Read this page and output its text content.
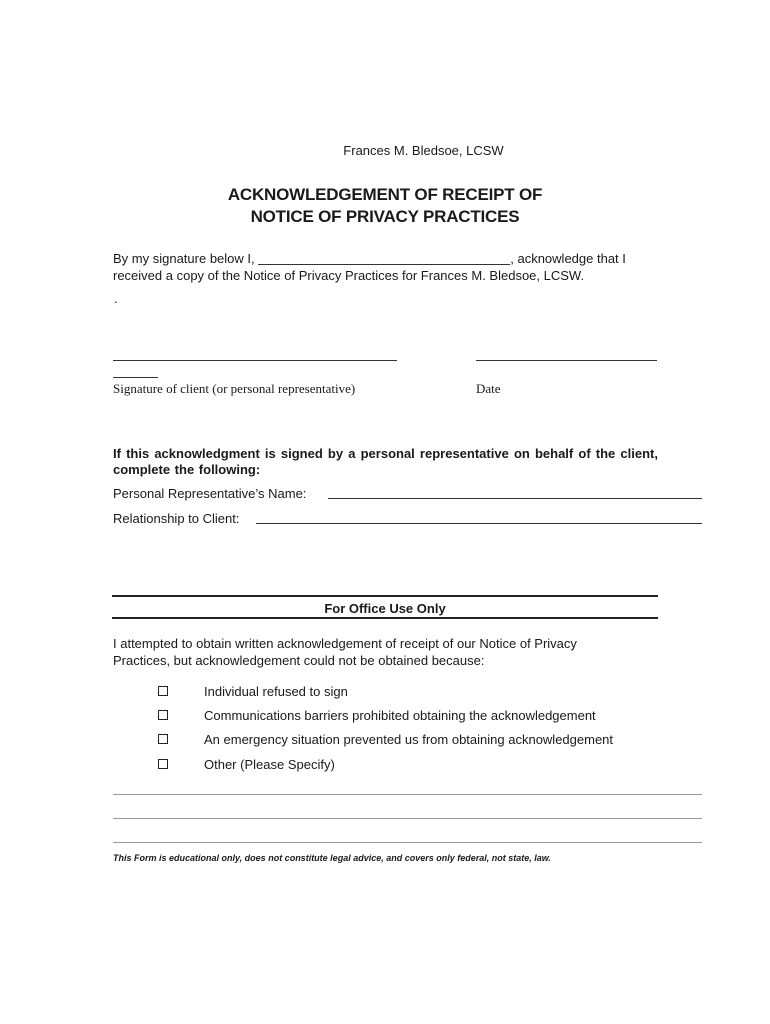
Frances M. Bledsoe, LCSW
ACKNOWLEDGEMENT OF RECEIPT OF
NOTICE OF PRIVACY PRACTICES
By my signature below I,	, acknowledge that I
received a copy of the Notice of Privacy Practices for Frances M. Bledsoe, LCSW.
.
Signature of client (or personal representative)	Date
If this acknowledgment is signed by a personal representative on behalf of the client, complete the following:
Personal Representative’s Name:
Relationship to Client:
For Office Use Only
I attempted to obtain written acknowledgement of receipt of our Notice of Privacy
Practices, but acknowledgement could not be obtained because:
Individual refused to sign
Communications barriers prohibited obtaining the acknowledgement
An emergency situation prevented us from obtaining acknowledgement
Other (Please Specify)
This Form is educational only, does not constitute legal advice, and covers only federal, not state, law.
